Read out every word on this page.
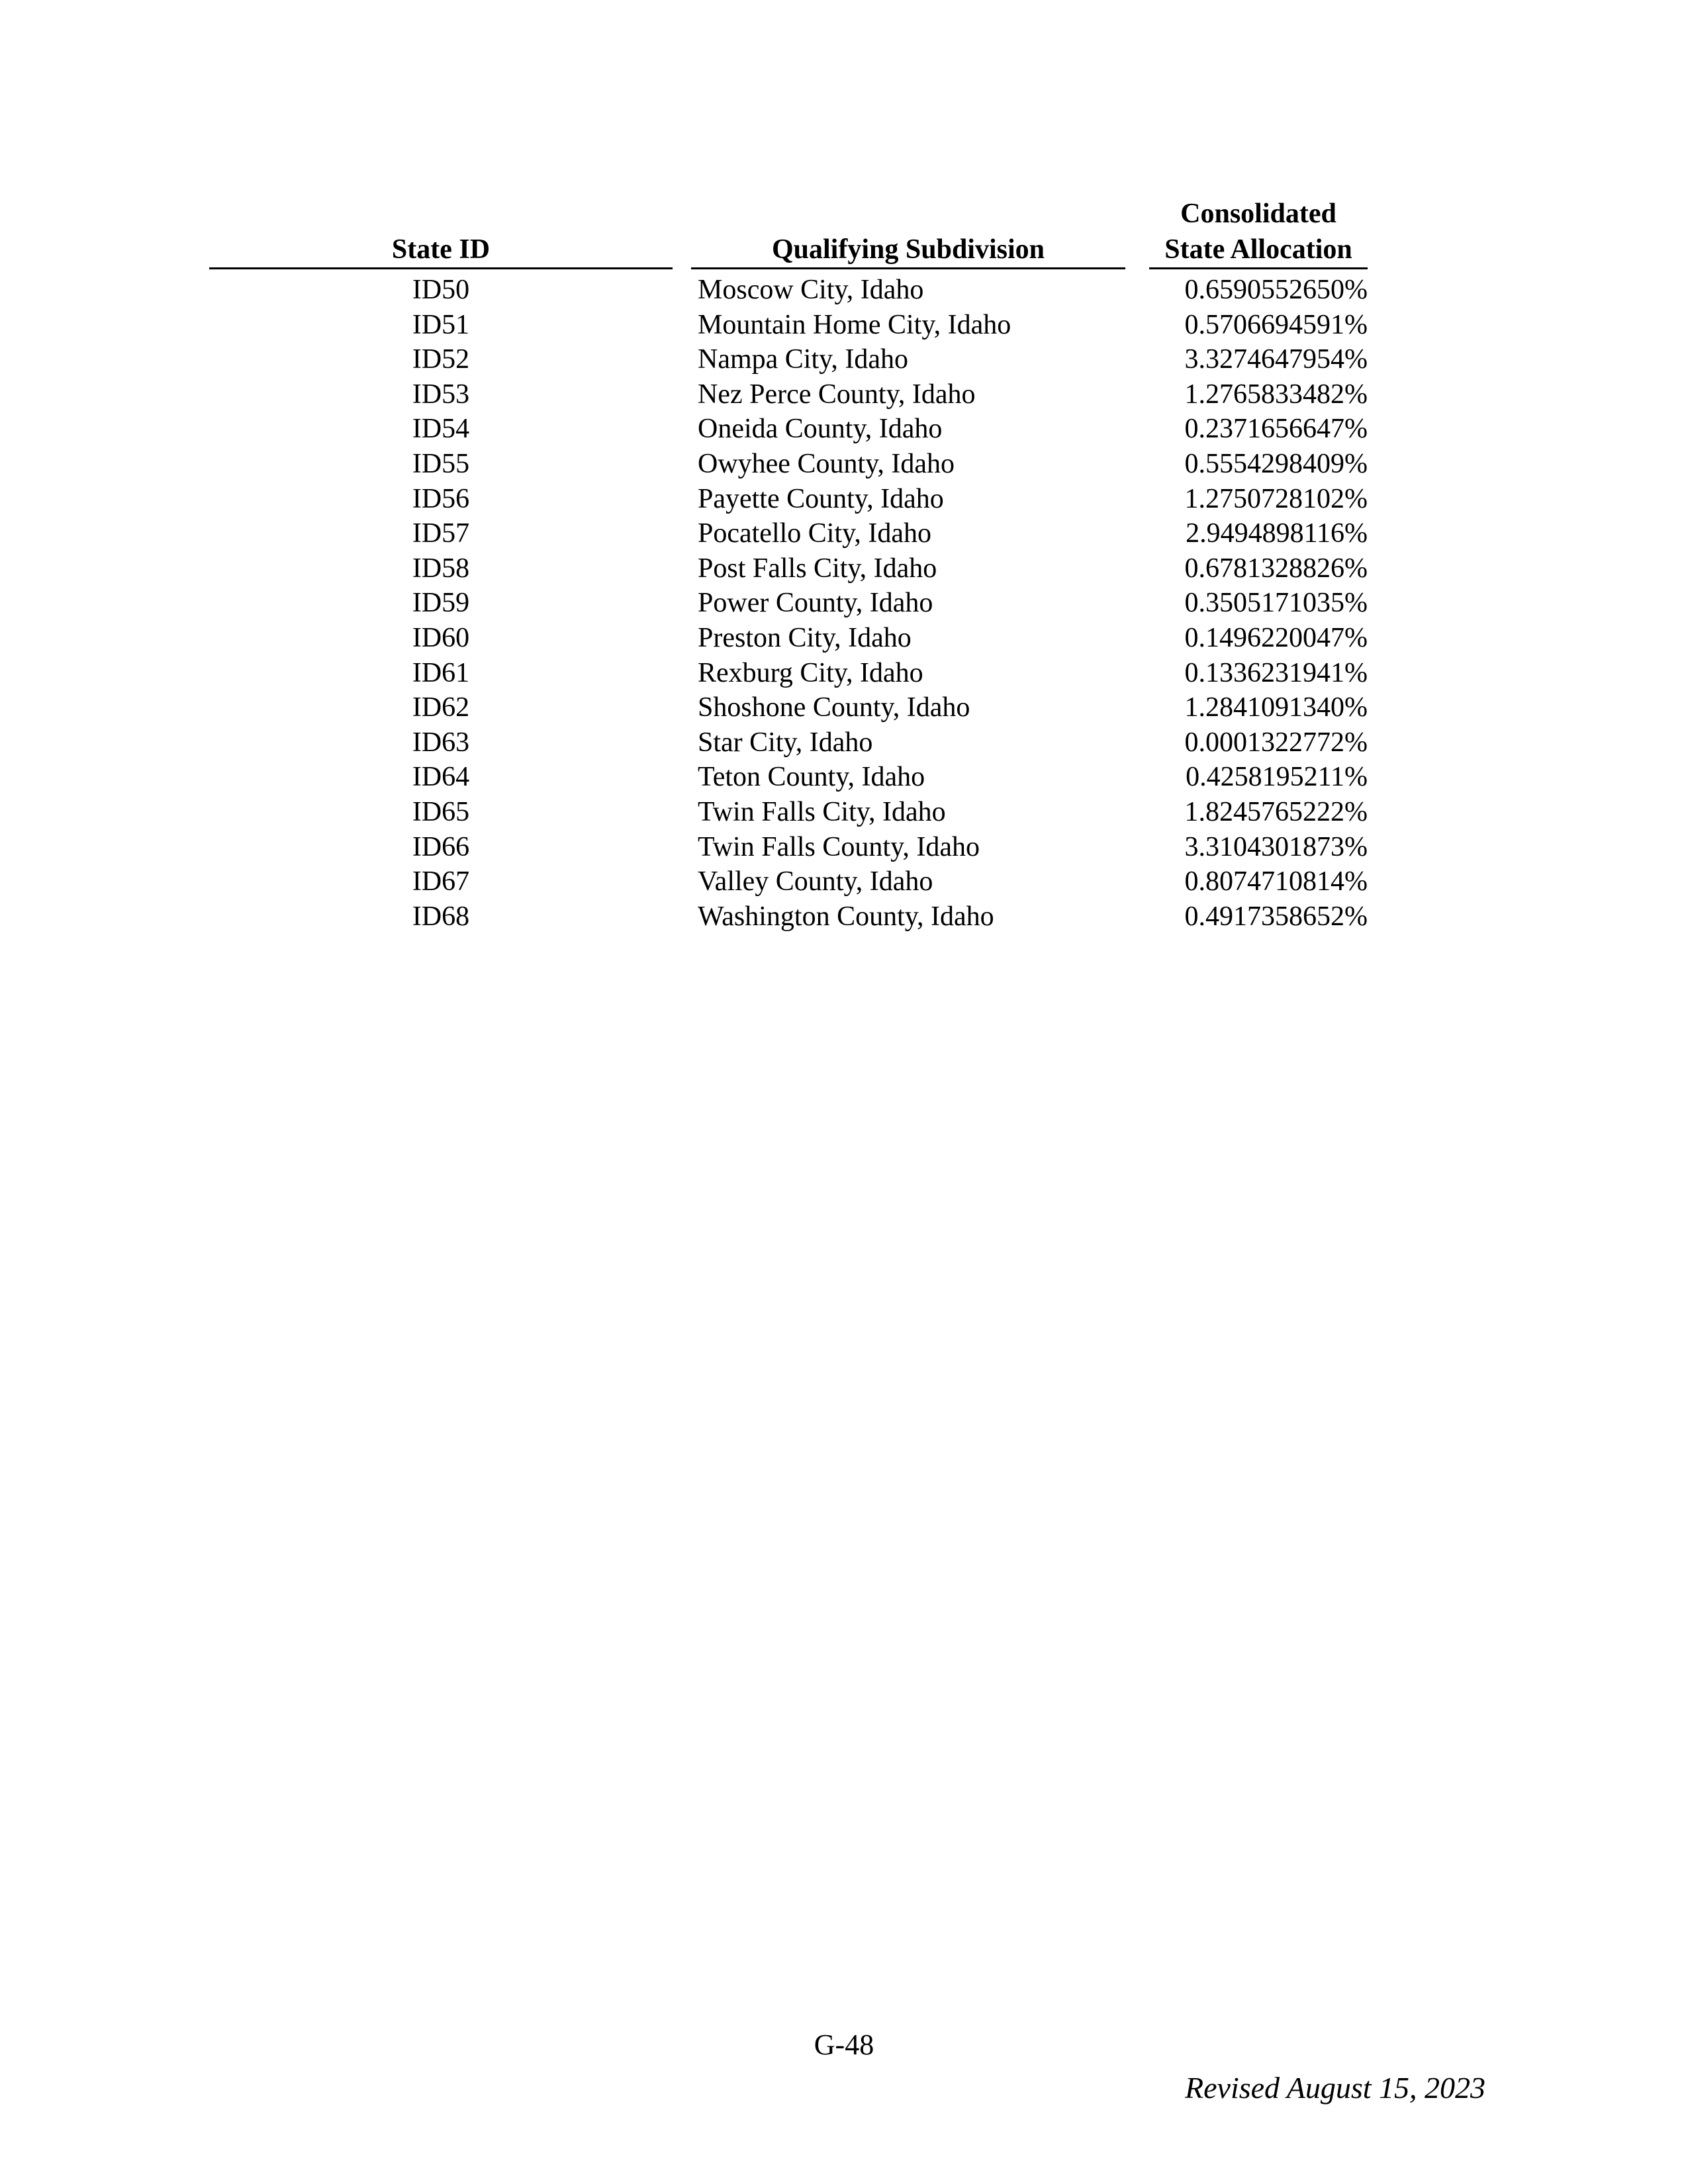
State ID	Qualifying Subdivision
Consolidated
State Allocation
ID50	Moscow City, Idaho	0.6590552650%
ID51	Mountain Home City, Idaho	0.5706694591%
ID52	Nampa City, Idaho	3.3274647954%
ID53	Nez Perce County, Idaho	1.2765833482%
ID54	Oneida County, Idaho	0.2371656647%
ID55	Owyhee County, Idaho	0.5554298409%
ID56	Payette County, Idaho	1.2750728102%
ID57	Pocatello City, Idaho	2.9494898116%
ID58	Post Falls City, Idaho	0.6781328826%
ID59	Power County, Idaho	0.3505171035%
ID60	Preston City, Idaho	0.1496220047%
ID61	Rexburg City, Idaho	0.1336231941%
ID62	Shoshone County, Idaho	1.2841091340%
ID63	Star City, Idaho	0.0001322772%
ID64	Teton County, Idaho	0.4258195211%
ID65	Twin Falls City, Idaho	1.8245765222%
ID66	Twin Falls County, Idaho	3.3104301873%
ID67	Valley County, Idaho	0.8074710814%
ID68	Washington County, Idaho	0.4917358652%
G-48
Revised August 15, 2023
